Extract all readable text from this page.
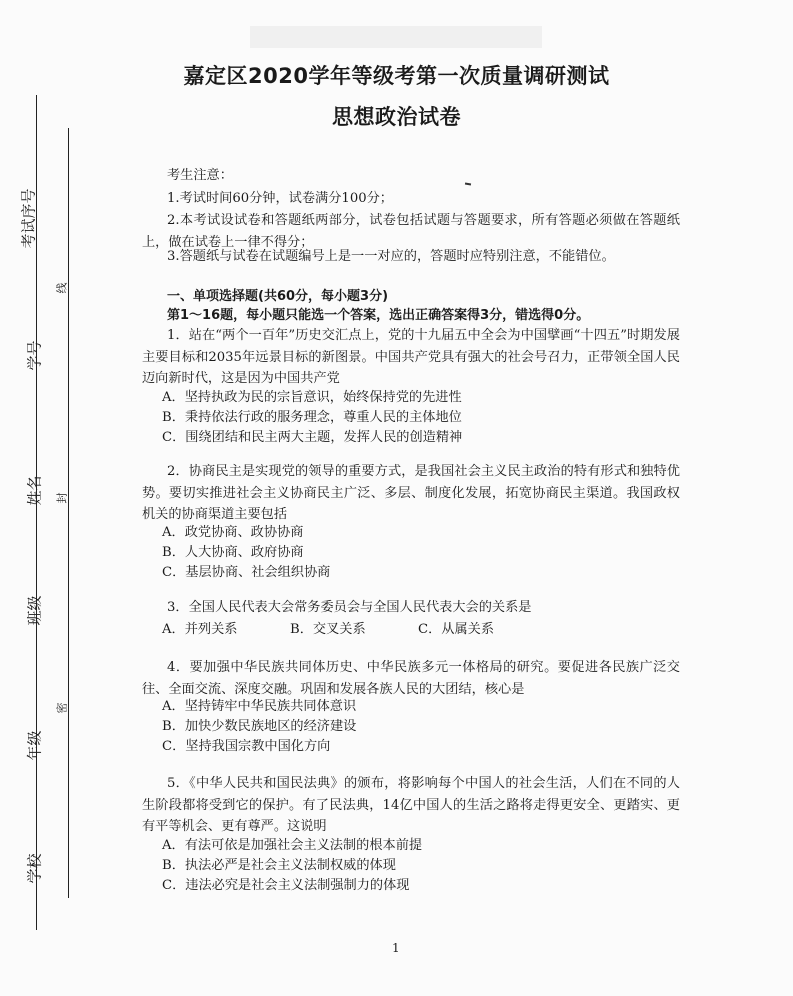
嘉定区2020学年等级考第一次质量调研测试
思想政治试卷
考试序号
学号
姓名
班级
年级
学校
线
封
密
考生注意：
1.考试时间60分钟，试卷满分100分；
2.本考试设试卷和答题纸两部分，试卷包括试题与答题要求，所有答题必须做在答题纸上，做在试卷上一律不得分；
3.答题纸与试卷在试题编号上是一一对应的，答题时应特别注意，不能错位。
一、单项选择题(共60分，每小题3分)
第1～16题，每小题只能选一个答案，选出正确答案得3分，错选得0分。
1．站在“两个一百年”历史交汇点上，党的十九届五中全会为中国擘画“十四五”时期发展主要目标和2035年远景目标的新图景。中国共产党具有强大的社会号召力，正带领全国人民迈向新时代，这是因为中国共产党
A．坚持执政为民的宗旨意识，始终保持党的先进性
B．秉持依法行政的服务理念，尊重人民的主体地位
C．围绕团结和民主两大主题，发挥人民的创造精神
2．协商民主是实现党的领导的重要方式，是我国社会主义民主政治的特有形式和独特优势。要切实推进社会主义协商民主广泛、多层、制度化发展，拓宽协商民主渠道。我国政权机关的协商渠道主要包括
A．政党协商、政协协商
B．人大协商、政府协商
C．基层协商、社会组织协商
3．全国人民代表大会常务委员会与全国人民代表大会的关系是
A．并列关系	B．交叉关系	C．从属关系
4．要加强中华民族共同体历史、中华民族多元一体格局的研究。要促进各民族广泛交往、全面交流、深度交融。巩固和发展各族人民的大团结，核心是
A．坚持铸牢中华民族共同体意识
B．加快少数民族地区的经济建设
C．坚持我国宗教中国化方向
5．《中华人民共和国民法典》的颁布，将影响每个中国人的社会生活，人们在不同的人生阶段都将受到它的保护。有了民法典，14亿中国人的生活之路将走得更安全、更踏实、更有平等机会、更有尊严。这说明
A．有法可依是加强社会主义法制的根本前提
B．执法必严是社会主义法制权威的体现
C．违法必究是社会主义法制强制力的体现
1
